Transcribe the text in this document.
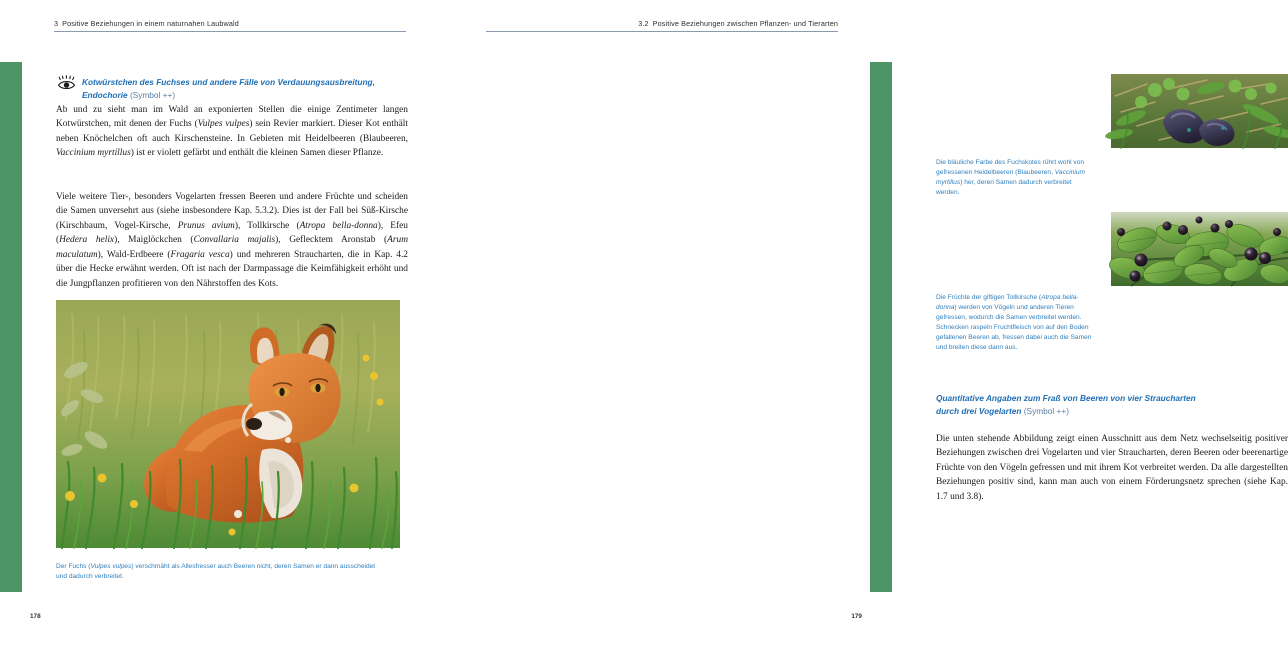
3 Positive Beziehungen in einem naturnahen Laubwald
Kotwürstchen des Fuchses und andere Fälle von Verdauungsausbreitung,
Endochorie (Symbol ++)

Ab und zu sieht man im Wald an exponierten Stellen die einige Zentimeter langen Kotwürstchen, mit denen der Fuchs (Vulpes vulpes) sein Revier markiert. Dieser Kot enthält neben Knöchelchen oft auch Kirschensteine. In Gebieten mit Heidelbeeren (Blaubeeren, Vaccinium myrtillus) ist er violett gefärbt und enthält die kleinen Samen dieser Pflanze.

Viele weitere Tier-, besonders Vogelarten fressen Beeren und andere Früchte und scheiden die Samen unversehrt aus (siehe insbesondere Kap. 5.3.2). Dies ist der Fall bei Süß-Kirsche (Kirschbaum, Vogel-Kirsche, Prunus avium), Tollkirsche (Atropa bella-donna), Efeu (Hedera helix), Maiglöckchen (Convallaria majalis), Geflecktem Aronstab (Arum maculatum), Wald-Erdbeere (Fragaria vesca) und mehreren Straucharten, die in Kap. 4.2 über die Hecke erwähnt werden. Oft ist nach der Darmpassage die Keimfähigkeit erhöht und die Jungpflanzen profitieren von den Nährstoffen des Kots.

Der Fuchs (Vulpes vulpes) verschmäht als Allesfresser auch Beeren nicht, deren Samen er dann ausscheidet und dadurch verbreitet.
178
3.2 Positive Beziehungen zwischen Pflanzen- und Tierarten
Die bläuliche Farbe des Fuchskotes rührt wohl von gefressenen Heidelbeeren (Blaubeeren, Vaccinium myrtillus) her, deren Samen dadurch verbreitet werden.
Die Früchte der giftigen Tollkirsche (Atropa bella-donna) werden von Vögeln und anderen Tieren gefressen, wodurch die Samen verbreitet werden. Schnecken raspeln Fruchtfleisch von auf den Boden gefallenen Beeren ab, fressen dabei auch die Samen und breiten diese dann aus.
Quantitative Angaben zum Fraß von Beeren von vier Straucharten
durch drei Vogelarten (Symbol ++)

Die unten stehende Abbildung zeigt einen Ausschnitt aus dem Netz wechselseitig positiver Beziehungen zwischen drei Vogelarten und vier Straucharten, deren Beeren oder beerenartige Früchte von den Vögeln gefressen und mit ihrem Kot verbreitet werden. Da alle dargestellten Beziehungen positiv sind, kann man auch von einem Förderungsnetz sprechen (siehe Kap. 1.7 und 3.8).

179
